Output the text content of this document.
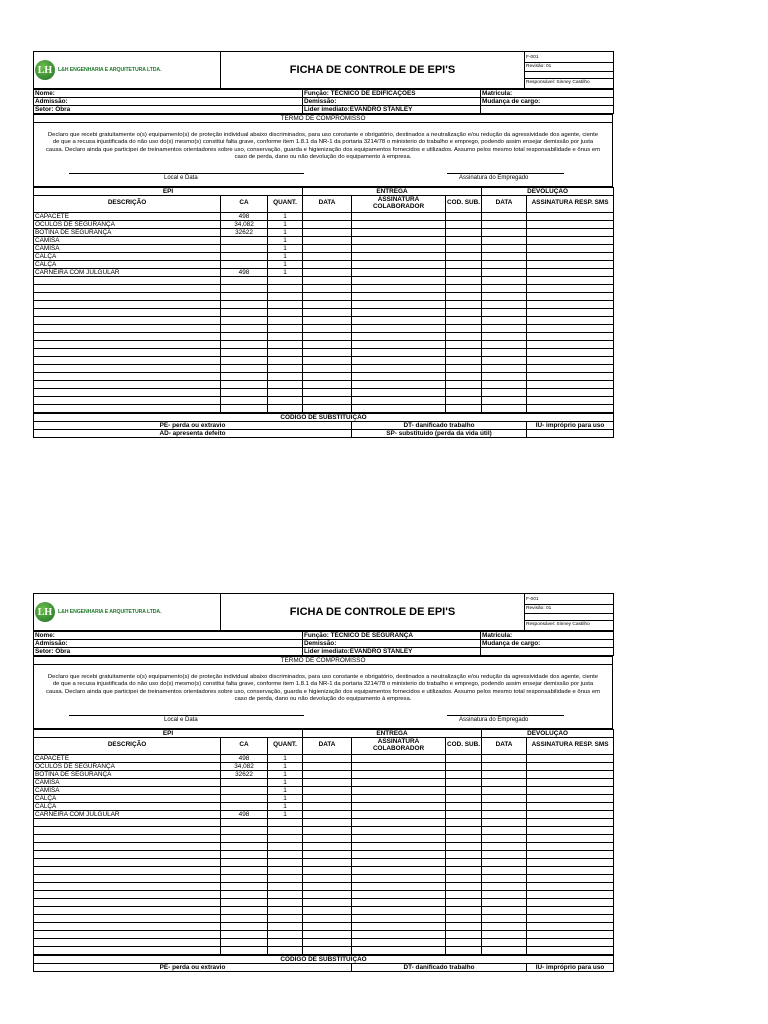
LH	L&H ENGENHARIA E ARQUITETURA LTDA.	FICHA DE CONTROLE DE EPI'S	
F-001
Revisão: 01
Responsável: Sinney Castilho
Nome:	Função: TÉCNICO DE EDIFICAÇÕES	Matricula:
Admissão:	Demissão:	Mudança de cargo:
Setor: Obra	Lider imediato:EVANDRO STANLEY	
TERMO DE COMPROMISSO

Declaro que recebi gratuitamente o(s) equipamento(s) de proteção individual abaixo discriminados, para uso constante e obrigatório, destinados a neutralização e/ou redução da agressividade dos agente, ciente de que a recusa injustificada do não uso do(s) mesmo(s) constitui falta grave, conforme item 1.8.1 da NR-1 da portaria 3214/78 o ministerio do trabalho e emprego, podendo assim ensejar demissão por justa causa. Declaro ainda que participei de treinamentos orientadores sobre uso, conservação, guarda e higienização dos equipamentos fornecidos e utilizados. Assumo pelos mesmo total responsabilidade e ônus em caso de perda, dano ou não devolução do equipamento à empresa.
Local e Data	Assinatura do Empregado
EPI			ENTREGA			DEVOLUÇÃO	
DESCRIÇÃO	CA	QUANT.	DATA	ASSINATURA COLABORADOR	COD. SUB.	DATA	ASSINATURA RESP. SMS
CAPACETE	498	1					
ÓCULOS DE SEGURANÇA	34,082	1					
BOTINA DE SEGURANÇA	32622	1					
CAMISA		1					
CAMISA		1					
CALÇA		1					
CALÇA		1					
CARNEIRA COM JULGULAR	498	1					

CÓDIGO DE SUBSTITUIÇÃO		
PE- perda ou extravio	DT- danificado trabalho	IU- impróprio para uso
AD- apresenta defeito	SP- substituido (perda da vida útil)	
LH	L&H ENGENHARIA E ARQUITETURA LTDA.	FICHA DE CONTROLE DE EPI'S	
F-001
Revisão: 01
Responsável: Sinney Castilho
Nome:	Função: TÉCNICO DE SEGURANÇA	Matricula:
Admissão:	Demissão:	Mudança de cargo:
Setor: Obra	Lider imediato:EVANDRO STANLEY	
TERMO DE COMPROMISSO

Declaro que recebi gratuitamente o(s) equipamento(s) de proteção individual abaixo discriminados, para uso constante e obrigatório, destinados a neutralização e/ou redução da agressividade dos agente, ciente de que a recusa injustificada do não uso do(s) mesmo(s) constitui falta grave, conforme item 1.8.1 da NR-1 da portaria 3214/78 o ministerio do trabalho e emprego, podendo assim ensejar demissão por justa causa. Declaro ainda que participei de treinamentos orientadores sobre uso, conservação, guarda e higienização dos equipamentos fornecidos e utilizados. Assumo pelos mesmo total responsabilidade e ônus em caso de perda, dano ou não devolução do equipamento à empresa.
Local e Data	Assinatura do Empregado
EPI			ENTREGA			DEVOLUÇÃO	
DESCRIÇÃO	CA	QUANT.	DATA	ASSINATURA COLABORADOR	COD. SUB.	DATA	ASSINATURA RESP. SMS
CAPACETE	498	1					
ÓCULOS DE SEGURANÇA	34,082	1					
BOTINA DE SEGURANÇA	32622	1					
CAMISA		1					
CAMISA		1					
CALÇA		1					
CALÇA		1					
CARNEIRA COM JULGULAR	498	1					

CÓDIGO DE SUBSTITUIÇÃO
PE- perda ou extravio	DT- danificado trabalho	IU- impróprio para uso
